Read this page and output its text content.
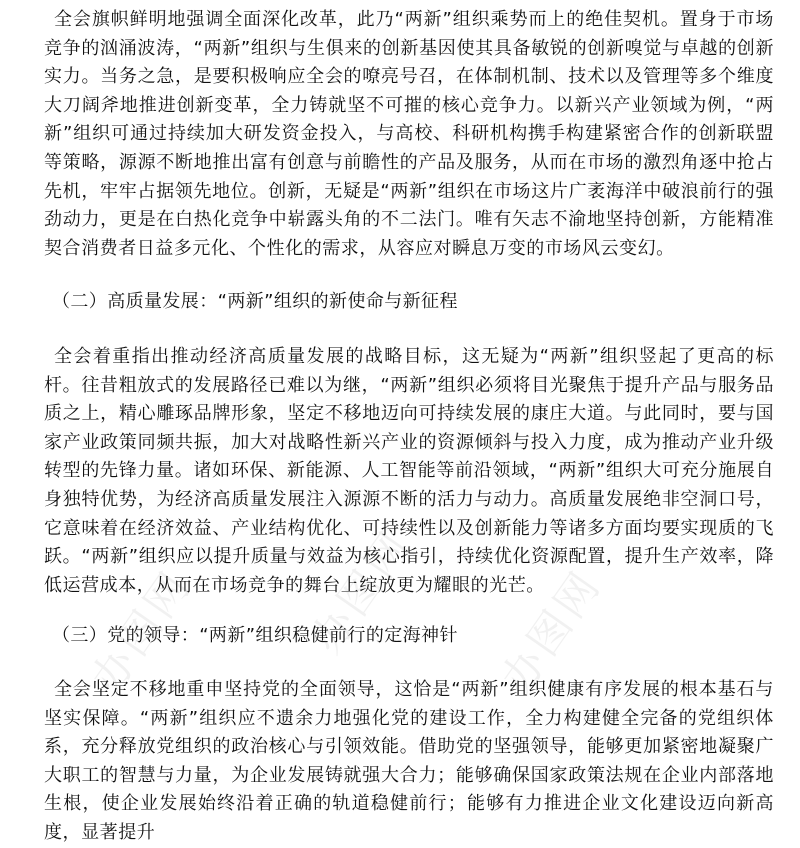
全会旗帜鲜明地强调全面深化改革，此乃“两新”组织乘势而上的绝佳契机。置身于市场竞争的汹涌波涛，“两新”组织与生俱来的创新基因使其具备敏锐的创新嗅觉与卓越的创新实力。当务之急，是要积极响应全会的嘹亮号召，在体制机制、技术以及管理等多个维度大刀阔斧地推进创新变革，全力铸就坚不可摧的核心竞争力。以新兴产业领域为例，“两新”组织可通过持续加大研发资金投入，与高校、科研机构携手构建紧密合作的创新联盟等策略，源源不断地推出富有创意与前瞻性的产品及服务，从而在市场的激烈角逐中抢占先机，牢牢占据领先地位。创新，无疑是“两新”组织在市场这片广袤海洋中破浪前行的强劲动力，更是在白热化竞争中崭露头角的不二法门。唯有矢志不渝地坚持创新，方能精准契合消费者日益多元化、个性化的需求，从容应对瞬息万变的市场风云变幻。

（二）高质量发展：“两新”组织的新使命与新征程

全会着重指出推动经济高质量发展的战略目标，这无疑为“两新”组织竖起了更高的标杆。往昔粗放式的发展路径已难以为继，“两新”组织必须将目光聚焦于提升产品与服务品质之上，精心雕琢品牌形象，坚定不移地迈向可持续发展的康庄大道。与此同时，要与国家产业政策同频共振，加大对战略性新兴产业的资源倾斜与投入力度，成为推动产业升级转型的先锋力量。诸如环保、新能源、人工智能等前沿领域，“两新”组织大可充分施展自身独特优势，为经济高质量发展注入源源不断的活力与动力。高质量发展绝非空洞口号，它意味着在经济效益、产业结构优化、可持续性以及创新能力等诸多方面均要实现质的飞跃。“两新”组织应以提升质量与效益为核心指引，持续优化资源配置，提升生产效率，降低运营成本，从而在市场竞争的舞台上绽放更为耀眼的光芒。

（三）党的领导：“两新”组织稳健前行的定海神针

全会坚定不移地重申坚持党的全面领导，这恰是“两新”组织健康有序发展的根本基石与坚实保障。“两新”组织应不遗余力地强化党的建设工作，全力构建健全完备的党组织体系，充分释放党组织的政治核心与引领效能。借助党的坚强领导，能够更加紧密地凝聚广大职工的智慧与力量，为企业发展铸就强大合力；能够确保国家政策法规在企业内部落地生根，使企业发展始终沿着正确的轨道稳健前行；能够有力推进企业文化建设迈向新高度，显著提升

办图网 办图网 办图网
